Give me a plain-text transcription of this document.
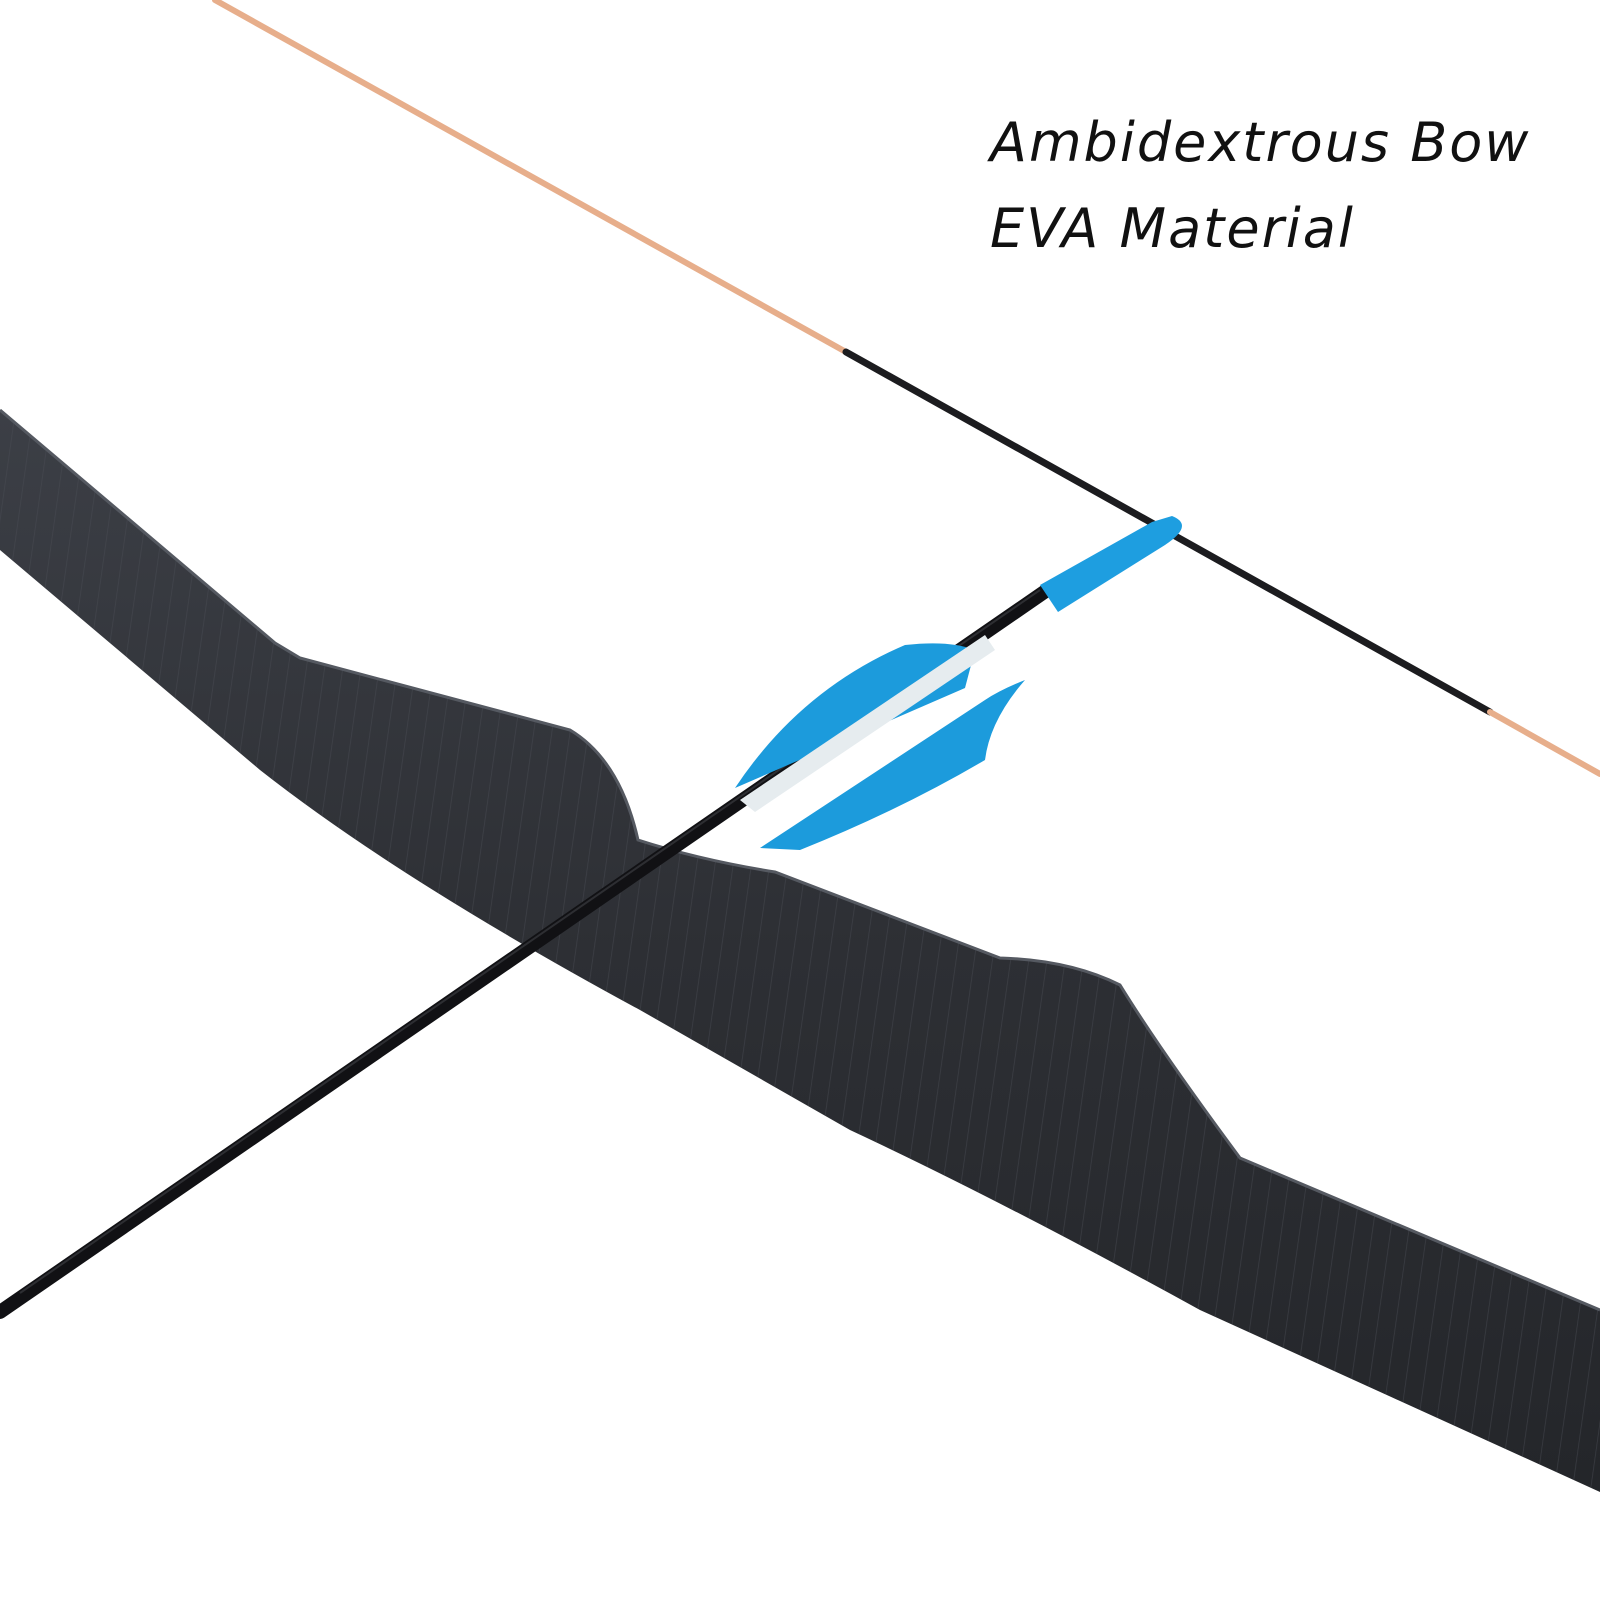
Ambidextrous Bow
EVA Material
